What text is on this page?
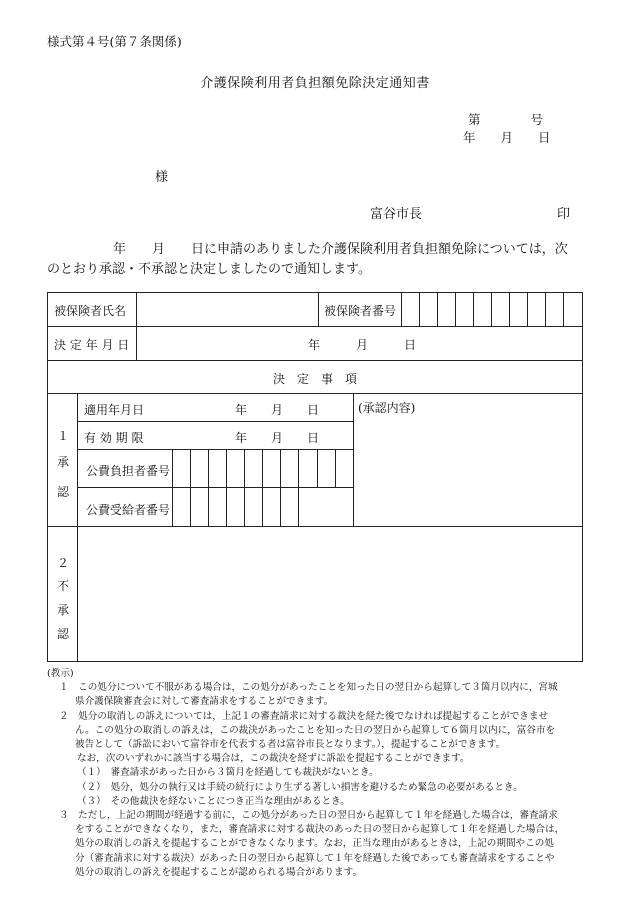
様式第４号(第７条関係)
介護保険利用者負担額免除決定通知書
第　　　　号
年　　月　　日
様
富谷市長	印
年　　月　　日に申請のありました介護保険利用者負担額免除については，次
のとおり承認・不承認と決定しましたので通知します。
被保険者氏名	被保険者番号
決 定 年 月 日	年　　　月　　　日
決　定　事　項
１
承
認
適用年月日	年　　月　　日
有 効 期 限	年　　月　　日
(承認内容)
公費負担者番号
公費受給者番号
２
不
承
認
(教示)
１　この処分について不服がある場合は，この処分があったことを知った日の翌日から起算して３箇月以内に，宮城
県介護保険審査会に対して審査請求をすることができます。
２　処分の取消しの訴えについては，上記１の審査請求に対する裁決を経た後でなければ提起することができませ
ん。この処分の取消しの訴えは，この裁決があったことを知った日の翌日から起算して６箇月以内に，富谷市を
被告として（訴訟において富谷市を代表する者は富谷市長となります。），提起することができます。
なお，次のいずれかに該当する場合は，この裁決を経ずに訴訟を提起することができます。
（１）　審査請求があった日から３箇月を経過しても裁決がないとき。
（２）　処分，処分の執行又は手続の続行により生ずる著しい損害を避けるため緊急の必要があるとき。
（３）　その他裁決を経ないことにつき正当な理由があるとき。
３　ただし，上記の期間が経過する前に，この処分があった日の翌日から起算して１年を経過した場合は，審査請求
をすることができなくなり，また，審査請求に対する裁決のあった日の翌日から起算して１年を経過した場合は，
処分の取消しの訴えを提起することができなくなります。なお，正当な理由があるときは，上記の期間やこの処
分（審査請求に対する裁決）があった日の翌日から起算して１年を経過した後であっても審査請求をすることや
処分の取消しの訴えを提起することが認められる場合があります。
